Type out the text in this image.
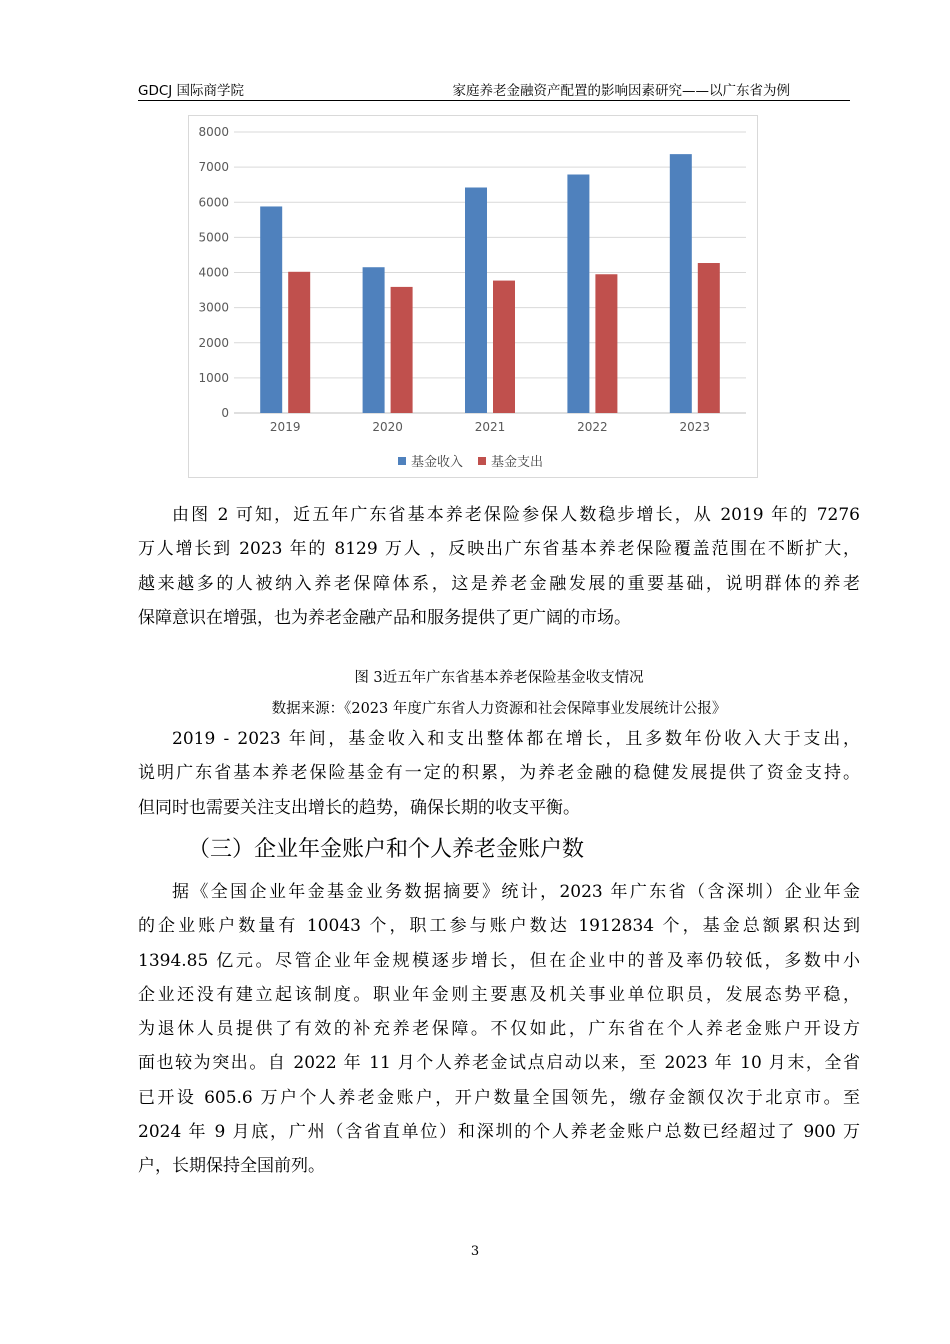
GDCJ 国际商学院	家庭养老金融资产配置的影响因素研究——以广东省为例
0
1000
2000
3000
4000
5000
6000
7000
8000
2019	2020	2021	2022	2023
基金收入 基金支出
由图 2 可知，近五年广东省基本养老保险参保人数稳步增长，从 2019 年的 7276
万人增长到 2023 年的 8129 万人 ，反映出广东省基本养老保险覆盖范围在不断扩大，
越来越多的人被纳入养老保障体系，这是养老金融发展的重要基础，说明群体的养老
保障意识在增强，也为养老金融产品和服务提供了更广阔的市场。
图 3近五年广东省基本养老保险基金收支情况
数据来源：《2023 年度广东省人力资源和社会保障事业发展统计公报》
2019 - 2023 年间，基金收入和支出整体都在增长，且多数年份收入大于支出，
说明广东省基本养老保险基金有一定的积累，为养老金融的稳健发展提供了资金支持。
但同时也需要关注支出增长的趋势，确保长期的收支平衡。
（三）企业年金账户和个人养老金账户数
据《全国企业年金基金业务数据摘要》统计，2023 年广东省（含深圳）企业年金
的企业账户数量有 10043 个，职工参与账户数达 1912834 个，基金总额累积达到
1394.85 亿元。尽管企业年金规模逐步增长，但在企业中的普及率仍较低，多数中小
企业还没有建立起该制度。职业年金则主要惠及机关事业单位职员，发展态势平稳，
为退休人员提供了有效的补充养老保障。不仅如此，广东省在个人养老金账户开设方
面也较为突出。自 2022 年 11 月个人养老金试点启动以来，至 2023 年 10 月末，全省
已开设 605.6 万户个人养老金账户，开户数量全国领先，缴存金额仅次于北京市。至
2024 年 9 月底，广州（含省直单位）和深圳的个人养老金账户总数已经超过了 900 万
户，长期保持全国前列。
3
